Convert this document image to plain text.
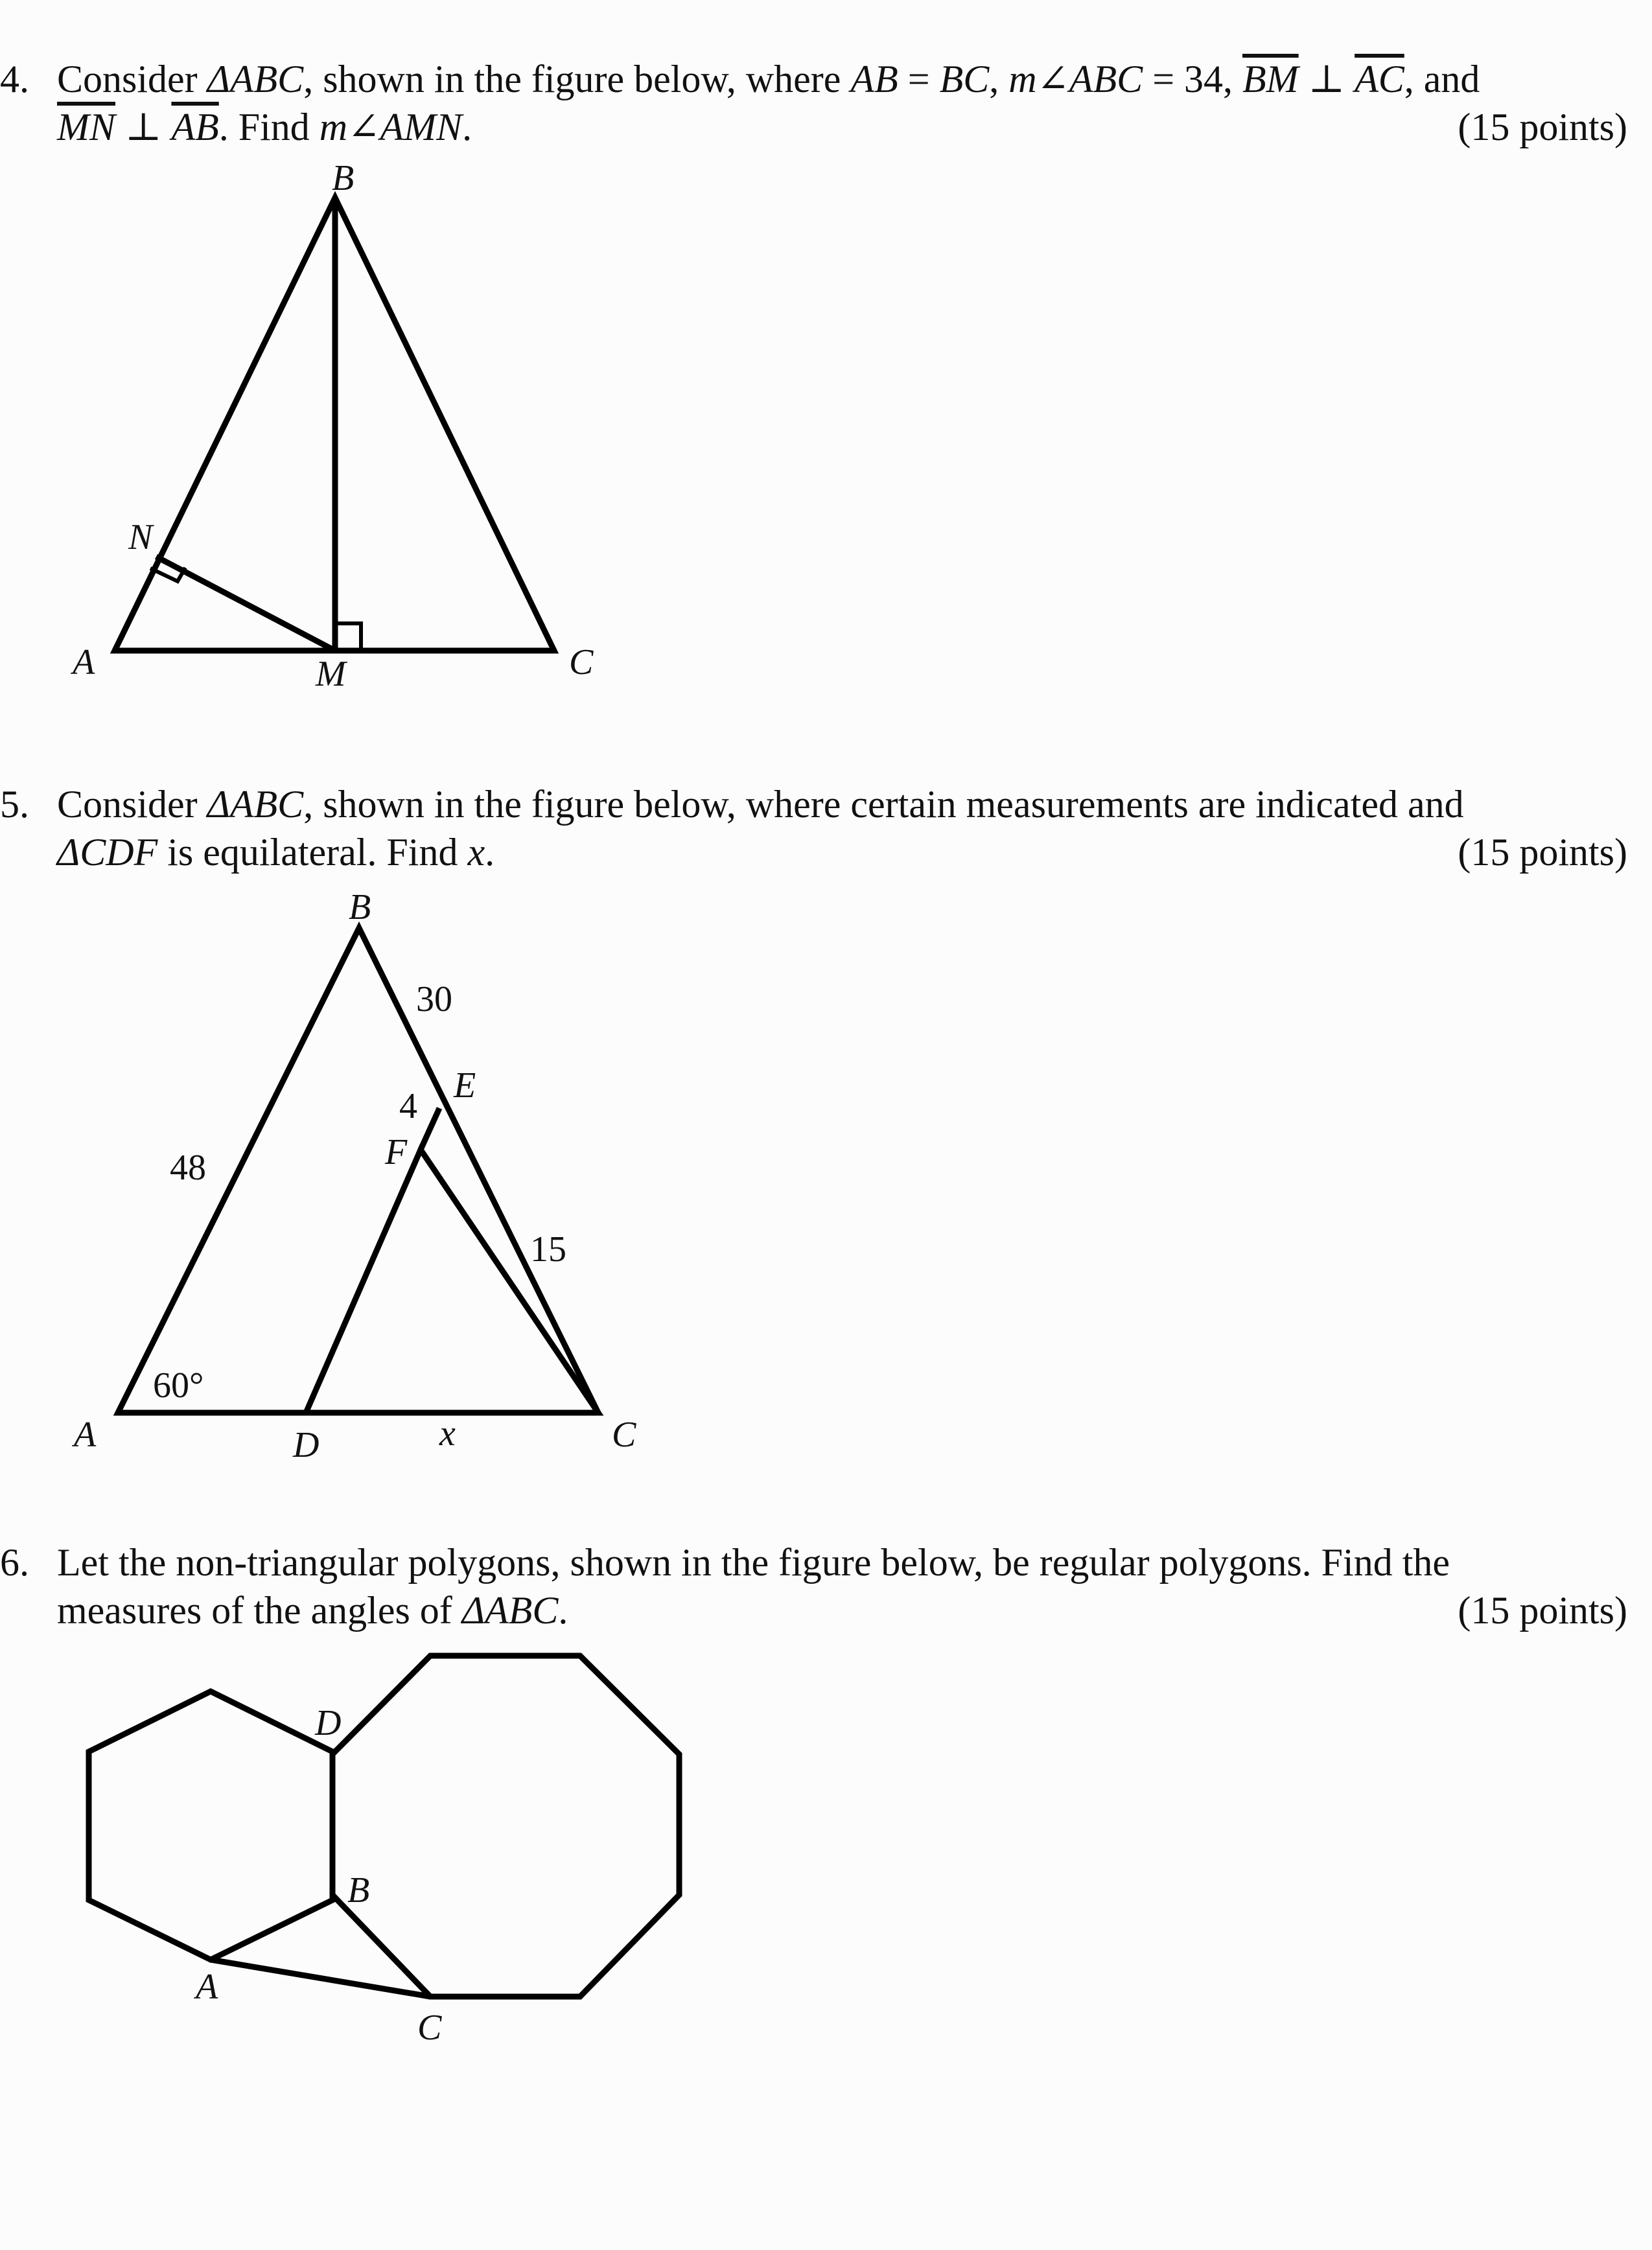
4. Consider ΔABC, shown in the figure below, where AB = BC, m∠ABC = 34, $\overline{BM}$ ⊥ $\overline{AC}$, and
$\overline{MN}$ ⊥ $\overline{AB}$. Find m∠AMN.	(15 points)
B
N
A	M	C
5. Consider ΔABC, shown in the figure below, where certain measurements are indicated and
ΔCDF is equilateral. Find x.	(15 points)
B
30
4
E
F
48
15
60°
A	D	x	C
6. Let the non-triangular polygons, shown in the figure below, be regular polygons. Find the
measures of the angles of ΔABC.	(15 points)
D
B
A
C
